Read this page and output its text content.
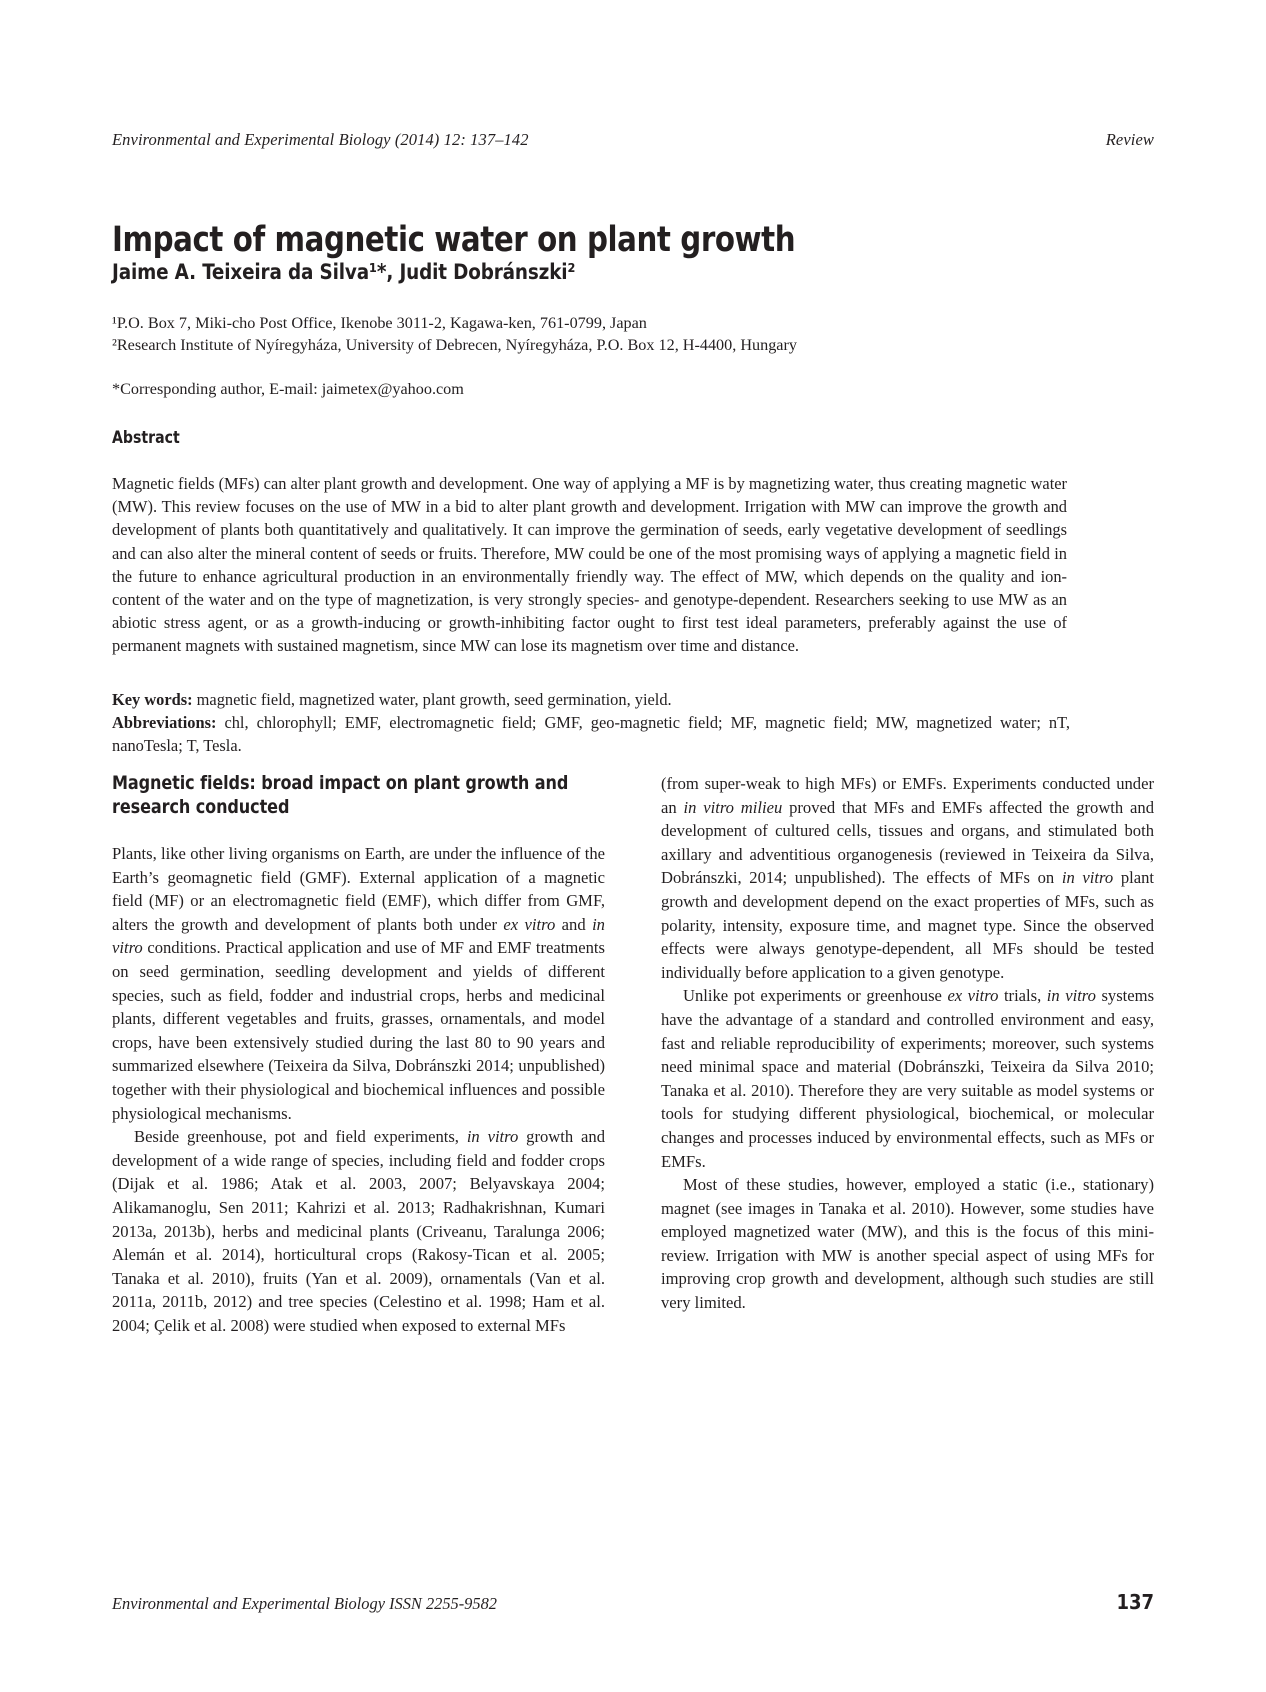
Environmental and Experimental Biology (2014) 12: 137–142	Review
Impact of magnetic water on plant growth
Jaime A. Teixeira da Silva¹*, Judit Dobránszki²
¹P.O. Box 7, Miki-cho Post Office, Ikenobe 3011-2, Kagawa-ken, 761-0799, Japan
²Research Institute of Nyíregyháza, University of Debrecen, Nyíregyháza, P.O. Box 12, H-4400, Hungary
*Corresponding author, E-mail: jaimetex@yahoo.com
Abstract
Magnetic fields (MFs) can alter plant growth and development. One way of applying a MF is by magnetizing water, thus creating magnetic water (MW). This review focuses on the use of MW in a bid to alter plant growth and development. Irrigation with MW can improve the growth and development of plants both quantitatively and qualitatively. It can improve the germination of seeds, early vegetative development of seedlings and can also alter the mineral content of seeds or fruits. Therefore, MW could be one of the most promising ways of applying a magnetic field in the future to enhance agricultural production in an environmentally friendly way. The effect of MW, which depends on the quality and ion-content of the water and on the type of magnetization, is very strongly species- and genotype-dependent. Researchers seeking to use MW as an abiotic stress agent, or as a growth-inducing or growth-inhibiting factor ought to first test ideal parameters, preferably against the use of permanent magnets with sustained magnetism, since MW can lose its magnetism over time and distance.
Key words: magnetic field, magnetized water, plant growth, seed germination, yield.
Abbreviations: chl, chlorophyll; EMF, electromagnetic field; GMF, geo-magnetic field; MF, magnetic field; MW, magnetized water; nT, nanoTesla; T, Tesla.
Magnetic fields: broad impact on plant growth and research conducted

Plants, like other living organisms on Earth, are under the influence of the Earth’s geomagnetic field (GMF). External application of a magnetic field (MF) or an electromagnetic field (EMF), which differ from GMF, alters the growth and development of plants both under ex vitro and in vitro conditions. Practical application and use of MF and EMF treatments on seed germination, seedling development and yields of different species, such as field, fodder and industrial crops, herbs and medicinal plants, different vegetables and fruits, grasses, ornamentals, and model crops, have been extensively studied during the last 80 to 90 years and summarized elsewhere (Teixeira da Silva, Dobránszki 2014; unpublished) together with their physiological and biochemical influences and possible physiological mechanisms.

Beside greenhouse, pot and field experiments, in vitro growth and development of a wide range of species, including field and fodder crops (Dijak et al. 1986; Atak et al. 2003, 2007; Belyavskaya 2004; Alikamanoglu, Sen 2011; Kahrizi et al. 2013; Radhakrishnan, Kumari 2013a, 2013b), herbs and medicinal plants (Criveanu, Taralunga 2006; Alemán et al. 2014), horticultural crops (Rakosy-Tican et al. 2005; Tanaka et al. 2010), fruits (Yan et al. 2009), ornamentals (Van et al. 2011a, 2011b, 2012) and tree species (Celestino et al. 1998; Ham et al. 2004; Çelik et al. 2008) were studied when exposed to external MFs

(from super-weak to high MFs) or EMFs. Experiments conducted under an in vitro milieu proved that MFs and EMFs affected the growth and development of cultured cells, tissues and organs, and stimulated both axillary and adventitious organogenesis (reviewed in Teixeira da Silva, Dobránszki, 2014; unpublished). The effects of MFs on in vitro plant growth and development depend on the exact properties of MFs, such as polarity, intensity, exposure time, and magnet type. Since the observed effects were always genotype-dependent, all MFs should be tested individually before application to a given genotype.

Unlike pot experiments or greenhouse ex vitro trials, in vitro systems have the advantage of a standard and controlled environment and easy, fast and reliable reproducibility of experiments; moreover, such systems need minimal space and material (Dobránszki, Teixeira da Silva 2010; Tanaka et al. 2010). Therefore they are very suitable as model systems or tools for studying different physiological, biochemical, or molecular changes and processes induced by environmental effects, such as MFs or EMFs.

Most of these studies, however, employed a static (i.e., stationary) magnet (see images in Tanaka et al. 2010). However, some studies have employed magnetized water (MW), and this is the focus of this mini-review. Irrigation with MW is another special aspect of using MFs for improving crop growth and development, although such studies are still very limited.

Environmental and Experimental Biology ISSN 2255-9582	137
